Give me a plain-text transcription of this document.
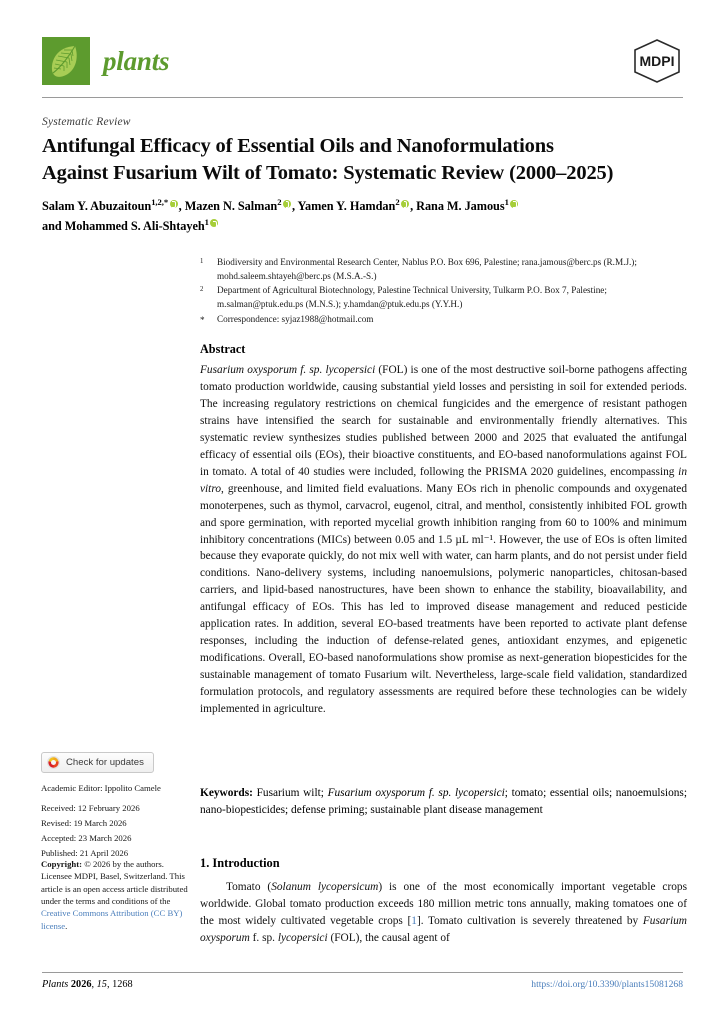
plants	MDPI
Systematic Review
Antifungal Efficacy of Essential Oils and Nanoformulations
Against Fusarium Wilt of Tomato: Systematic Review (2000–2025)
Salam Y. Abuzaitoun$^{1,2,*}$ , Mazen N. Salman$^2$ , Yamen Y. Hamdan$^2$ , Rana M. Jamous$^1$
and Mohammed S. Ali-Shtayeh$^1$
1	Biodiversity and Environmental Research Center, Nablus P.O. Box 696, Palestine; rana.jamous@berc.ps (R.M.J.); mohd.saleem.shtayeh@berc.ps (M.S.A.-S.)
2	Department of Agricultural Biotechnology, Palestine Technical University, Tulkarm P.O. Box 7, Palestine; m.salman@ptuk.edu.ps (M.N.S.); y.hamdan@ptuk.edu.ps (Y.Y.H.)
*	Correspondence: syjaz1988@hotmail.com
Abstract
Fusarium oxysporum f. sp. lycopersici (FOL) is one of the most destructive soil-borne pathogens affecting tomato production worldwide, causing substantial yield losses and persisting in soil for extended periods. The increasing regulatory restrictions on chemical fungicides and the emergence of resistant pathogen strains have intensified the search for sustainable and environmentally friendly alternatives. This systematic review synthesizes studies published between 2000 and 2025 that evaluated the antifungal efficacy of essential oils (EOs), their bioactive constituents, and EO-based nanoformulations against FOL in tomato. A total of 40 studies were included, following the PRISMA 2020 guidelines, encompassing in vitro, greenhouse, and limited field evaluations. Many EOs rich in phenolic compounds and oxygenated monoterpenes, such as thymol, carvacrol, eugenol, citral, and menthol, consistently inhibited FOL growth and spore germination, with reported mycelial growth inhibition ranging from 60 to 100% and minimum inhibitory concentrations (MICs) between 0.05 and 1.5 µL ml⁻¹. However, the use of EOs is often limited because they evaporate quickly, do not mix well with water, can harm plants, and do not persist under field conditions. Nano-delivery systems, including nanoemulsions, polymeric nanoparticles, chitosan-based carriers, and lipid-based nanostructures, have been shown to enhance the stability, bioavailability, and antifungal efficacy of EOs. This has led to improved disease management and reduced pesticide application rates. In addition, several EO-based treatments have been reported to activate plant defense responses, including the induction of defense-related genes, antioxidant enzymes, and epigenetic modifications. Overall, EO-based nanoformulations show promise as next-generation biopesticides for the sustainable management of tomato Fusarium wilt. Nevertheless, large-scale field validation, standardized formulation protocols, and regulatory assessments are required before these technologies can be widely implemented in agriculture.
Keywords: Fusarium wilt; Fusarium oxysporum f. sp. lycopersici; tomato; essential oils; nanoemulsions; nano-biopesticides; defense priming; sustainable plant disease management
Check for updates
Academic Editor: Ippolito Camele
Received: 12 February 2026
Revised: 19 March 2026
Accepted: 23 March 2026
Published: 21 April 2026
Copyright: © 2026 by the authors. Licensee MDPI, Basel, Switzerland. This article is an open access article distributed under the terms and conditions of the Creative Commons Attribution (CC BY) license.
1. Introduction
Tomato (Solanum lycopersicum) is one of the most economically important vegetable crops worldwide. Global tomato production exceeds 180 million metric tons annually, making tomatoes one of the most widely cultivated vegetable crops [1]. Tomato cultivation is severely threatened by Fusarium oxysporum f. sp. lycopersici (FOL), the causal agent of
Plants 2026, 15, 1268	https://doi.org/10.3390/plants15081268
